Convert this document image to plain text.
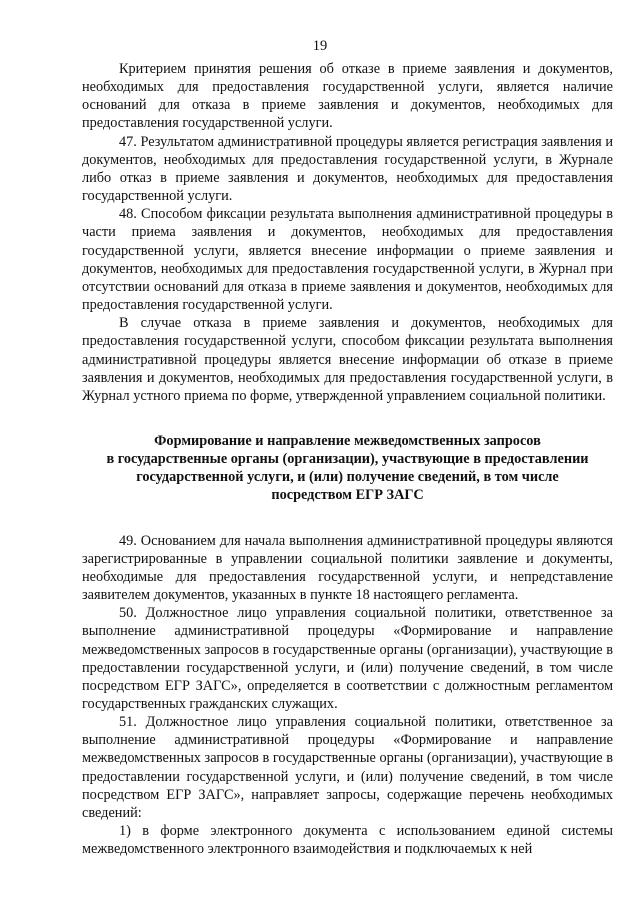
19

Критерием принятия решения об отказе в приеме заявления и документов, необходимых для предоставления государственной услуги, является наличие оснований для отказа в приеме заявления и документов, необходимых для предоставления государственной услуги.

47. Результатом административной процедуры является регистрация заявления и документов, необходимых для предоставления государственной услуги, в Журнале либо отказ в приеме заявления и документов, необходимых для предоставления государственной услуги.

48. Способом фиксации результата выполнения административной процедуры в части приема заявления и документов, необходимых для предоставления государственной услуги, является внесение информации о приеме заявления и документов, необходимых для предоставления государственной услуги, в Журнал при отсутствии оснований для отказа в приеме заявления и документов, необходимых для предоставления государственной услуги.

В случае отказа в приеме заявления и документов, необходимых для предоставления государственной услуги, способом фиксации результата выполнения административной процедуры является внесение информации об отказе в приеме заявления и документов, необходимых для предоставления государственной услуги, в Журнал устного приема по форме, утвержденной управлением социальной политики.

Формирование и направление межведомственных запросов
в государственные органы (организации), участвующие в предоставлении
государственной услуги, и (или) получение сведений, в том числе
посредством ЕГР ЗАГС

49. Основанием для начала выполнения административной процедуры являются зарегистрированные в управлении социальной политики заявление и документы, необходимые для предоставления государственной услуги, и непредставление заявителем документов, указанных в пункте 18 настоящего регламента.

50. Должностное лицо управления социальной политики, ответственное за выполнение административной процедуры «Формирование и направление межведомственных запросов в государственные органы (организации), участвующие в предоставлении государственной услуги, и (или) получение сведений, в том числе посредством ЕГР ЗАГС», определяется в соответствии с должностным регламентом государственных гражданских служащих.

51. Должностное лицо управления социальной политики, ответственное за выполнение административной процедуры «Формирование и направление межведомственных запросов в государственные органы (организации), участвующие в предоставлении государственной услуги, и (или) получение сведений, в том числе посредством ЕГР ЗАГС», направляет запросы, содержащие перечень необходимых сведений:

1) в форме электронного документа с использованием единой системы межведомственного электронного взаимодействия и подключаемых к ней
